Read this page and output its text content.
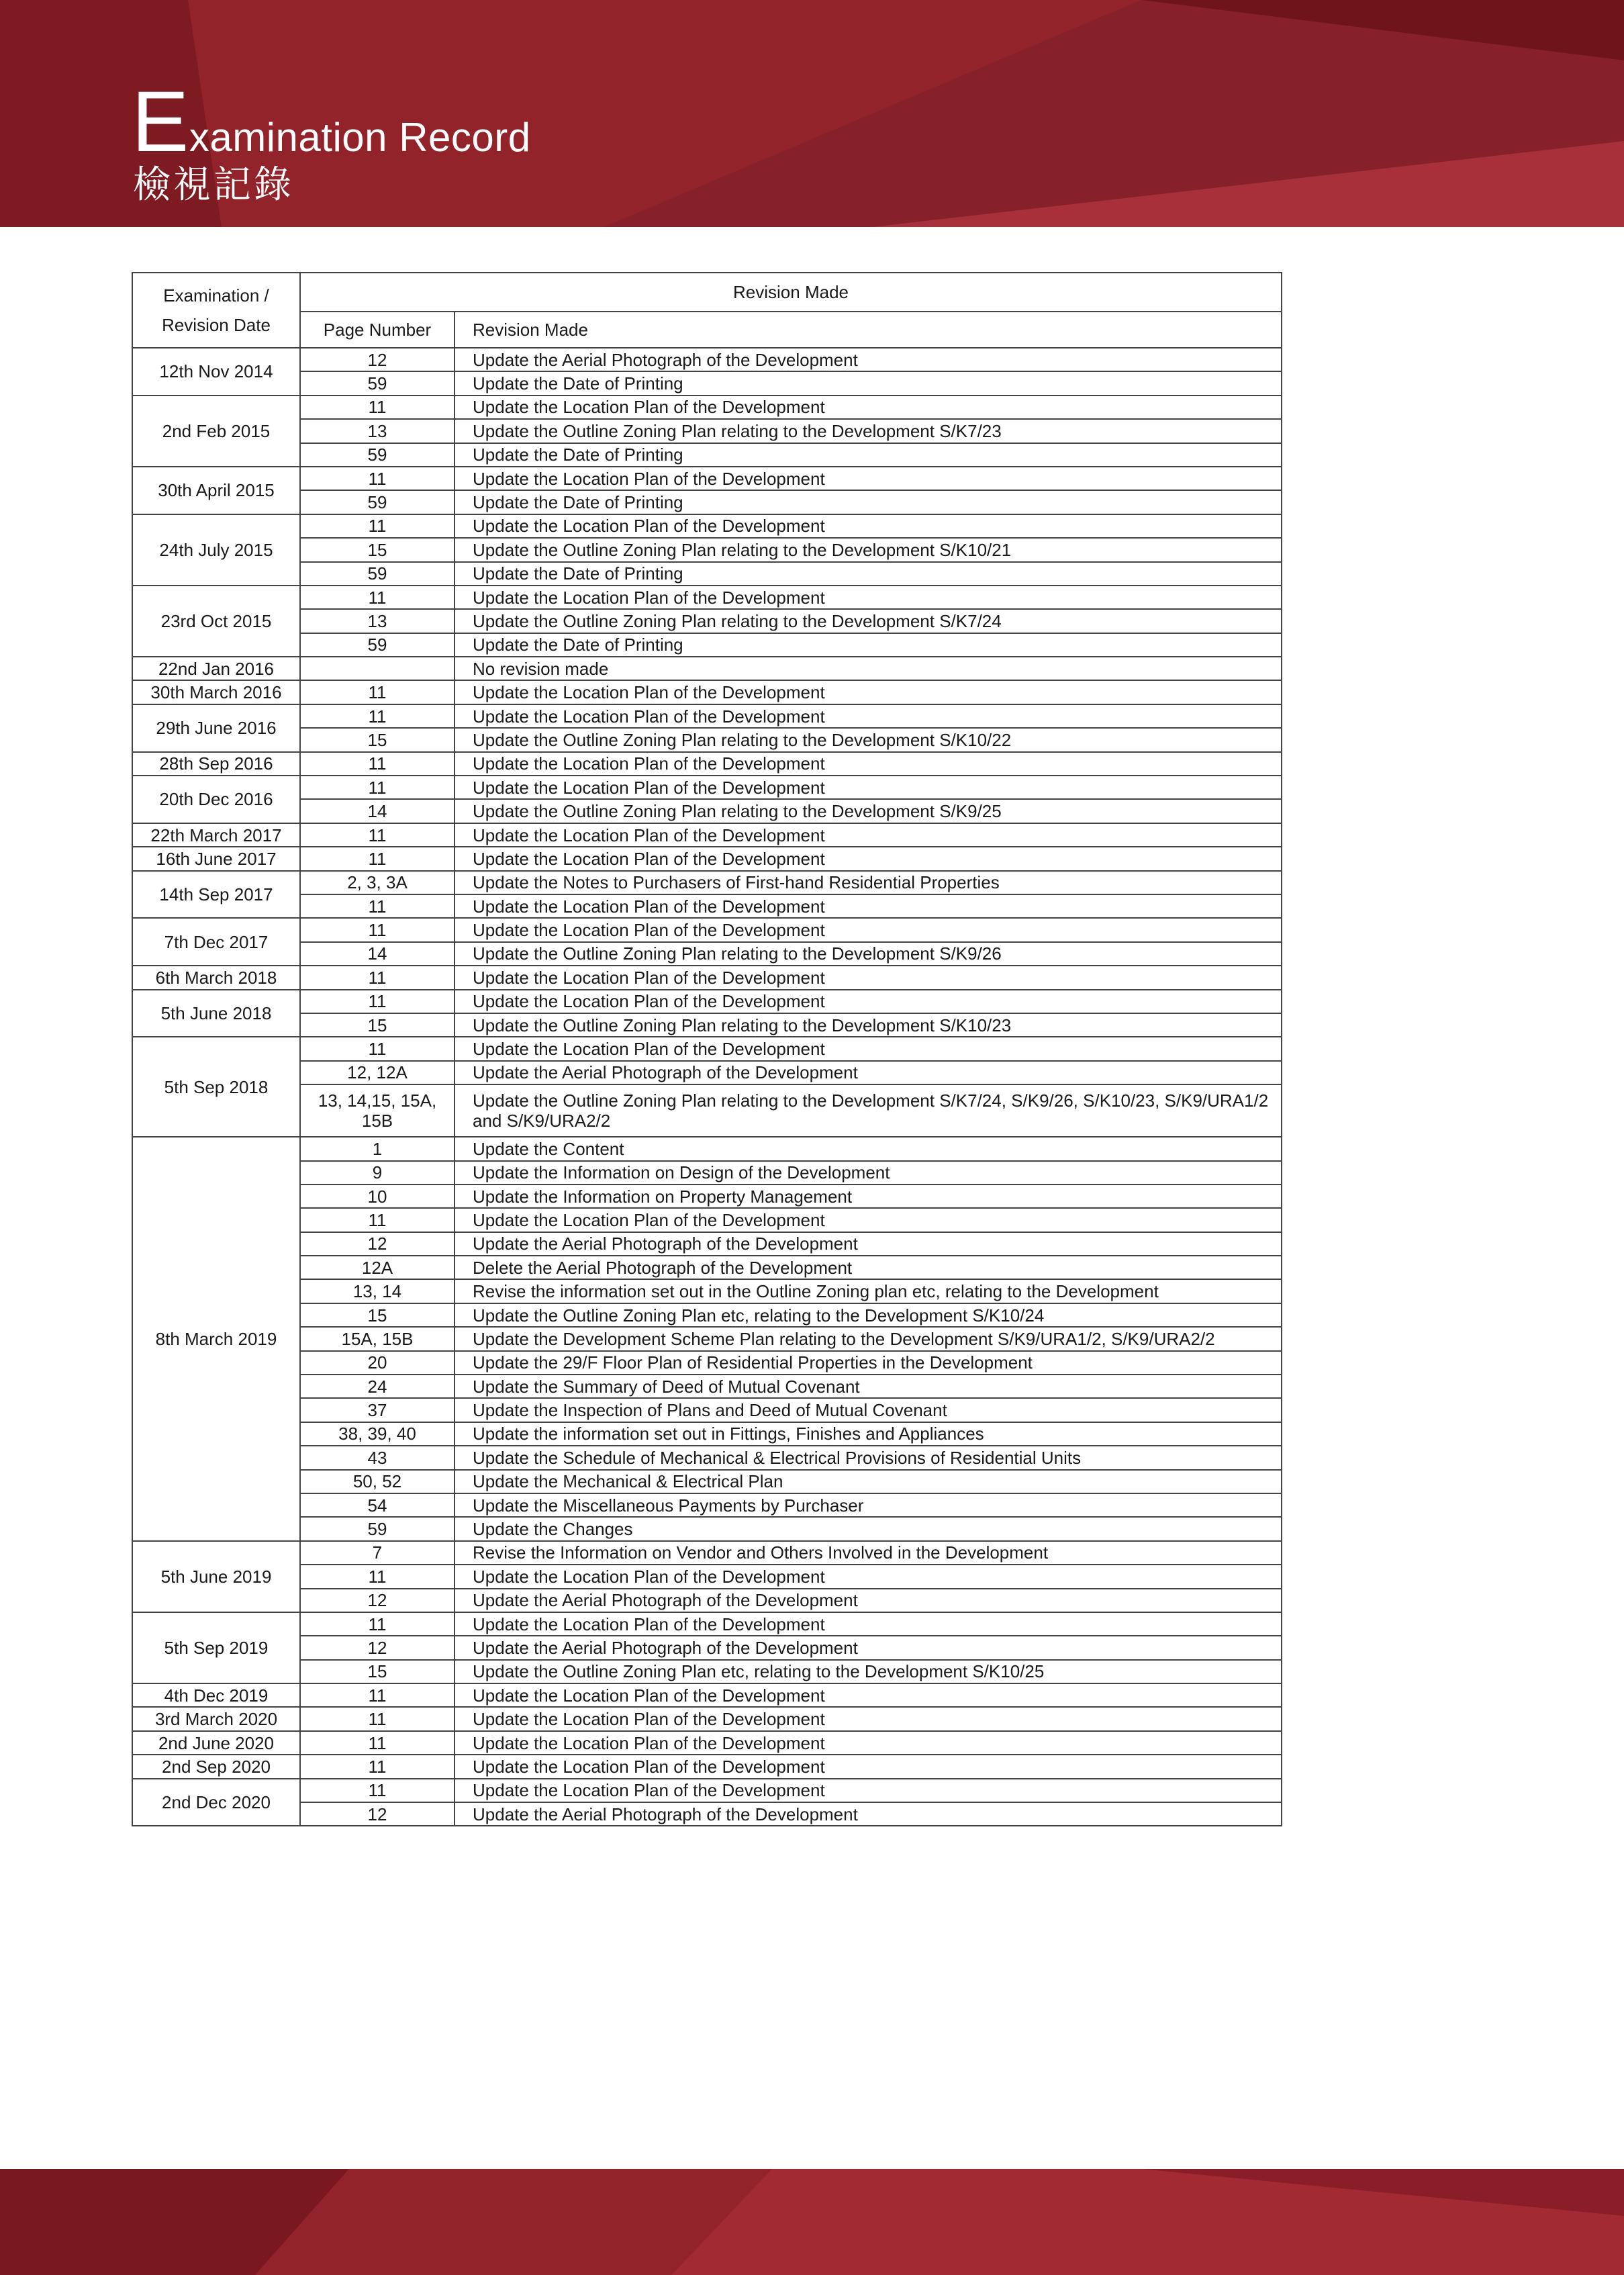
Examination Record
檢視記錄
Examination / Revision Date	Revision Made	
	Page Number	Revision Made
12th Nov 2014	12	Update the Aerial Photograph of the Development
	59	Update the Date of Printing
2nd Feb 2015	11	Update the Location Plan of the Development
	13	Update the Outline Zoning Plan relating to the Development S/K7/23
	59	Update the Date of Printing
30th April 2015	11	Update the Location Plan of the Development
	59	Update the Date of Printing
24th July 2015	11	Update the Location Plan of the Development
	15	Update the Outline Zoning Plan relating to the Development S/K10/21
	59	Update the Date of Printing
23rd Oct 2015	11	Update the Location Plan of the Development
	13	Update the Outline Zoning Plan relating to the Development S/K7/24
	59	Update the Date of Printing
22nd Jan 2016		No revision made
30th March 2016	11	Update the Location Plan of the Development
29th June 2016	11	Update the Location Plan of the Development
	15	Update the Outline Zoning Plan relating to the Development S/K10/22
28th Sep 2016	11	Update the Location Plan of the Development
20th Dec 2016	11	Update the Location Plan of the Development
	14	Update the Outline Zoning Plan relating to the Development S/K9/25
22th March 2017	11	Update the Location Plan of the Development
16th June 2017	11	Update the Location Plan of the Development
14th Sep 2017	2, 3, 3A	Update the Notes to Purchasers of First-hand Residential Properties
	11	Update the Location Plan of the Development
7th Dec 2017	11	Update the Location Plan of the Development
	14	Update the Outline Zoning Plan relating to the Development S/K9/26
6th March 2018	11	Update the Location Plan of the Development
5th June 2018	11	Update the Location Plan of the Development
	15	Update the Outline Zoning Plan relating to the Development S/K10/23
5th Sep 2018	11	Update the Location Plan of the Development
	12, 12A	Update the Aerial Photograph of the Development
	13, 14,15, 15A, 15B	Update the Outline Zoning Plan relating to the Development S/K7/24, S/K9/26, S/K10/23, S/K9/URA1/2 and S/K9/URA2/2
8th March 2019	1	Update the Content
	9	Update the Information on Design of the Development
	10	Update the Information on Property Management
	11	Update the Location Plan of the Development
	12	Update the Aerial Photograph of the Development
	12A	Delete the Aerial Photograph of the Development
	13, 14	Revise the information set out in the Outline Zoning plan etc, relating to the Development
	15	Update the Outline Zoning Plan etc, relating to the Development S/K10/24
	15A, 15B	Update the Development Scheme Plan relating to the Development S/K9/URA1/2, S/K9/URA2/2
	20	Update the 29/F Floor Plan of Residential Properties in the Development
	24	Update the Summary of Deed of Mutual Covenant
	37	Update the Inspection of Plans and Deed of Mutual Covenant
	38, 39, 40	Update the information set out in Fittings, Finishes and Appliances
	43	Update the Schedule of Mechanical & Electrical Provisions of Residential Units
	50, 52	Update the Mechanical & Electrical Plan
	54	Update the Miscellaneous Payments by Purchaser
	59	Update the Changes
5th June 2019	7	Revise the Information on Vendor and Others Involved in the Development
	11	Update the Location Plan of the Development
	12	Update the Aerial Photograph of the Development
5th Sep 2019	11	Update the Location Plan of the Development
	12	Update the Aerial Photograph of the Development
	15	Update the Outline Zoning Plan etc, relating to the Development S/K10/25
4th Dec 2019	11	Update the Location Plan of the Development
3rd March 2020	11	Update the Location Plan of the Development
2nd June 2020	11	Update the Location Plan of the Development
2nd Sep 2020	11	Update the Location Plan of the Development
2nd Dec 2020	11	Update the Location Plan of the Development
	12	Update the Aerial Photograph of the Development
